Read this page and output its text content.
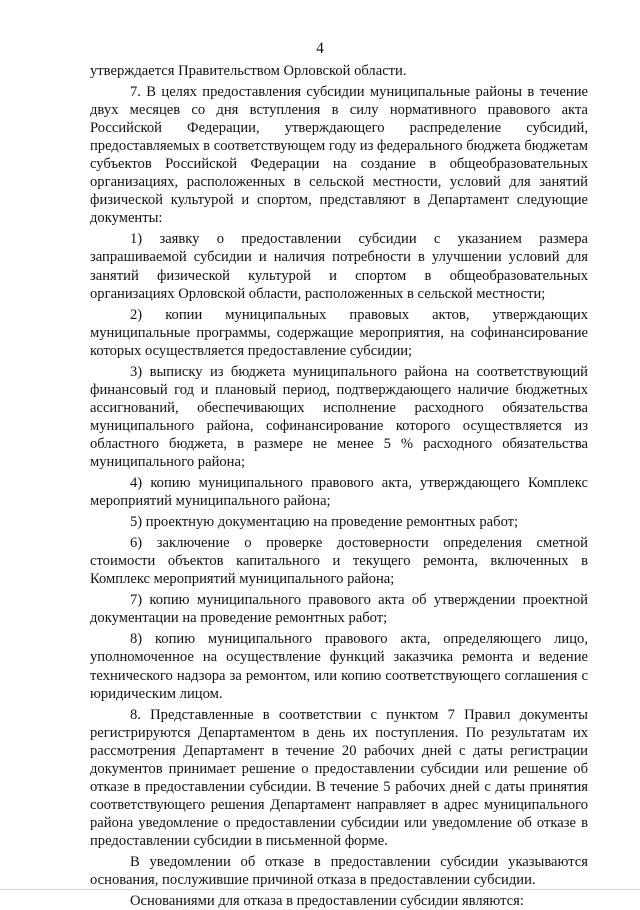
4

утверждается Правительством Орловской области.

7. В целях предоставления субсидии муниципальные районы в течение двух месяцев со дня вступления в силу нормативного правового акта Российской Федерации, утверждающего распределение субсидий, предоставляемых в соответствующем году из федерального бюджета бюджетам субъектов Российской Федерации на создание в общеобразовательных организациях, расположенных в сельской местности, условий для занятий физической культурой и спортом, представляют в Департамент следующие документы:

1) заявку о предоставлении субсидии с указанием размера запрашиваемой субсидии и наличия потребности в улучшении условий для занятий физической культурой и спортом в общеобразовательных организациях Орловской области, расположенных в сельской местности;

2) копии муниципальных правовых актов, утверждающих муниципальные программы, содержащие мероприятия, на софинансирование которых осуществляется предоставление субсидии;

3) выписку из бюджета муниципального района на соответствующий финансовый год и плановый период, подтверждающего наличие бюджетных ассигнований, обеспечивающих исполнение расходного обязательства муниципального района, софинансирование которого осуществляется из областного бюджета, в размере не менее 5 % расходного обязательства муниципального района;

4) копию муниципального правового акта, утверждающего Комплекс мероприятий муниципального района;

5) проектную документацию на проведение ремонтных работ;

6) заключение о проверке достоверности определения сметной стоимости объектов капитального и текущего ремонта, включенных в Комплекс мероприятий муниципального района;

7) копию муниципального правового акта об утверждении проектной документации на проведение ремонтных работ;

8) копию муниципального правового акта, определяющего лицо, уполномоченное на осуществление функций заказчика ремонта и ведение технического надзора за ремонтом, или копию соответствующего соглашения с юридическим лицом.

8. Представленные в соответствии с пунктом 7 Правил документы регистрируются Департаментом в день их поступления. По результатам их рассмотрения Департамент в течение 20 рабочих дней с даты регистрации документов принимает решение о предоставлении субсидии или решение об отказе в предоставлении субсидии. В течение 5 рабочих дней с даты принятия соответствующего решения Департамент направляет в адрес муниципального района уведомление о предоставлении субсидии или уведомление об отказе в предоставлении субсидии в письменной форме.

В уведомлении об отказе в предоставлении субсидии указываются основания, послужившие причиной отказа в предоставлении субсидии.

Основаниями для отказа в предоставлении субсидии являются:
